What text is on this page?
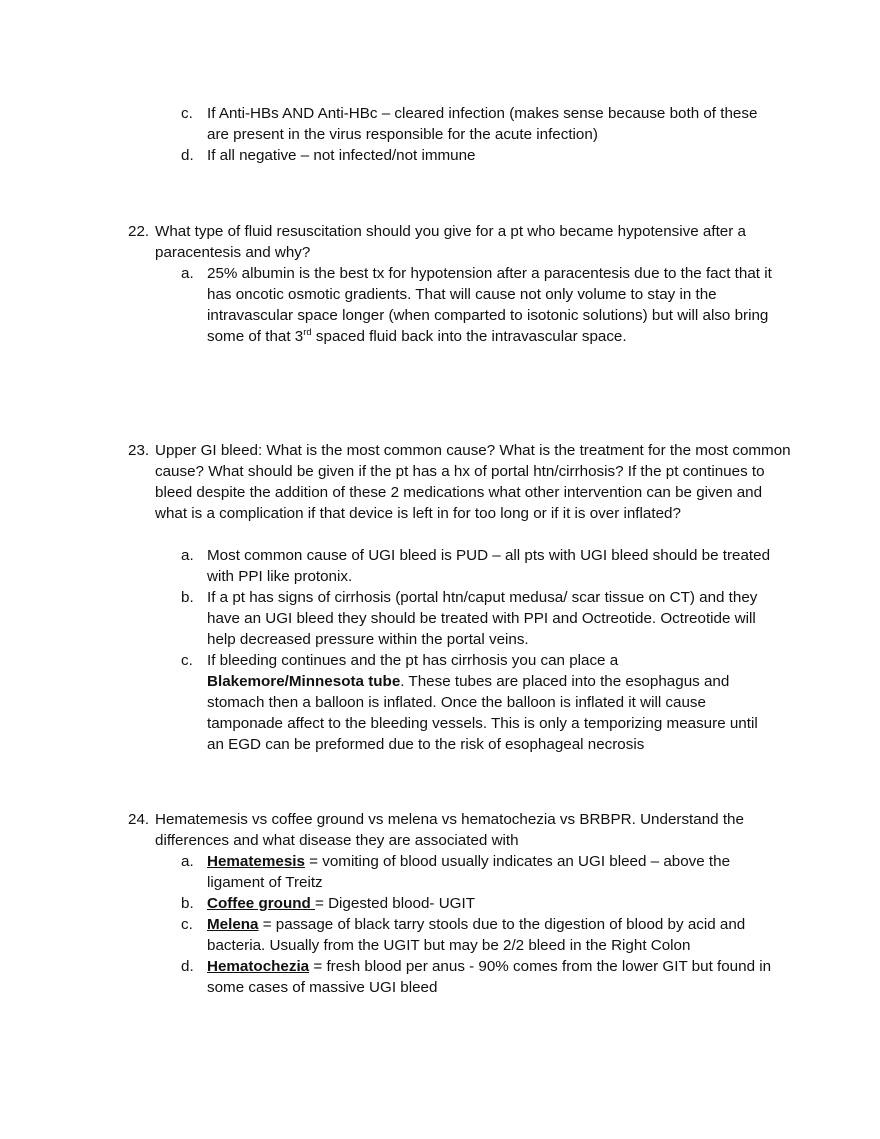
c. If Anti-HBs AND Anti-HBc – cleared infection (makes sense because both of these are present in the virus responsible for the acute infection)
d. If all negative – not infected/not immune
22. What type of fluid resuscitation should you give for a pt who became hypotensive after a paracentesis and why?
a. 25% albumin is the best tx for hypotension after a paracentesis due to the fact that it has oncotic osmotic gradients. That will cause not only volume to stay in the intravascular space longer (when comparted to isotonic solutions) but will also bring some of that 3rd spaced fluid back into the intravascular space.
23. Upper GI bleed: What is the most common cause? What is the treatment for the most common cause? What should be given if the pt has a hx of portal htn/cirrhosis? If the pt continues to bleed despite the addition of these 2 medications what other intervention can be given and what is a complication if that device is left in for too long or if it is over inflated?
a. Most common cause of UGI bleed is PUD – all pts with UGI bleed should be treated with PPI like protonix.
b. If a pt has signs of cirrhosis (portal htn/caput medusa/ scar tissue on CT) and they have an UGI bleed they should be treated with PPI and Octreotide. Octreotide will help decreased pressure within the portal veins.
c. If bleeding continues and the pt has cirrhosis you can place a
Blakemore/Minnesota tube. These tubes are placed into the esophagus and stomach then a balloon is inflated. Once the balloon is inflated it will cause tamponade affect to the bleeding vessels. This is only a temporizing measure until an EGD can be preformed due to the risk of esophageal necrosis
24. Hematemesis vs coffee ground vs melena vs hematochezia vs BRBPR. Understand the differences and what disease they are associated with
a. Hematemesis = vomiting of blood usually indicates an UGI bleed – above the ligament of Treitz
b. Coffee ground = Digested blood- UGIT
c. Melena = passage of black tarry stools due to the digestion of blood by acid and bacteria. Usually from the UGIT but may be 2/2 bleed in the Right Colon
d. Hematochezia = fresh blood per anus - 90% comes from the lower GIT but found in some cases of massive UGI bleed
